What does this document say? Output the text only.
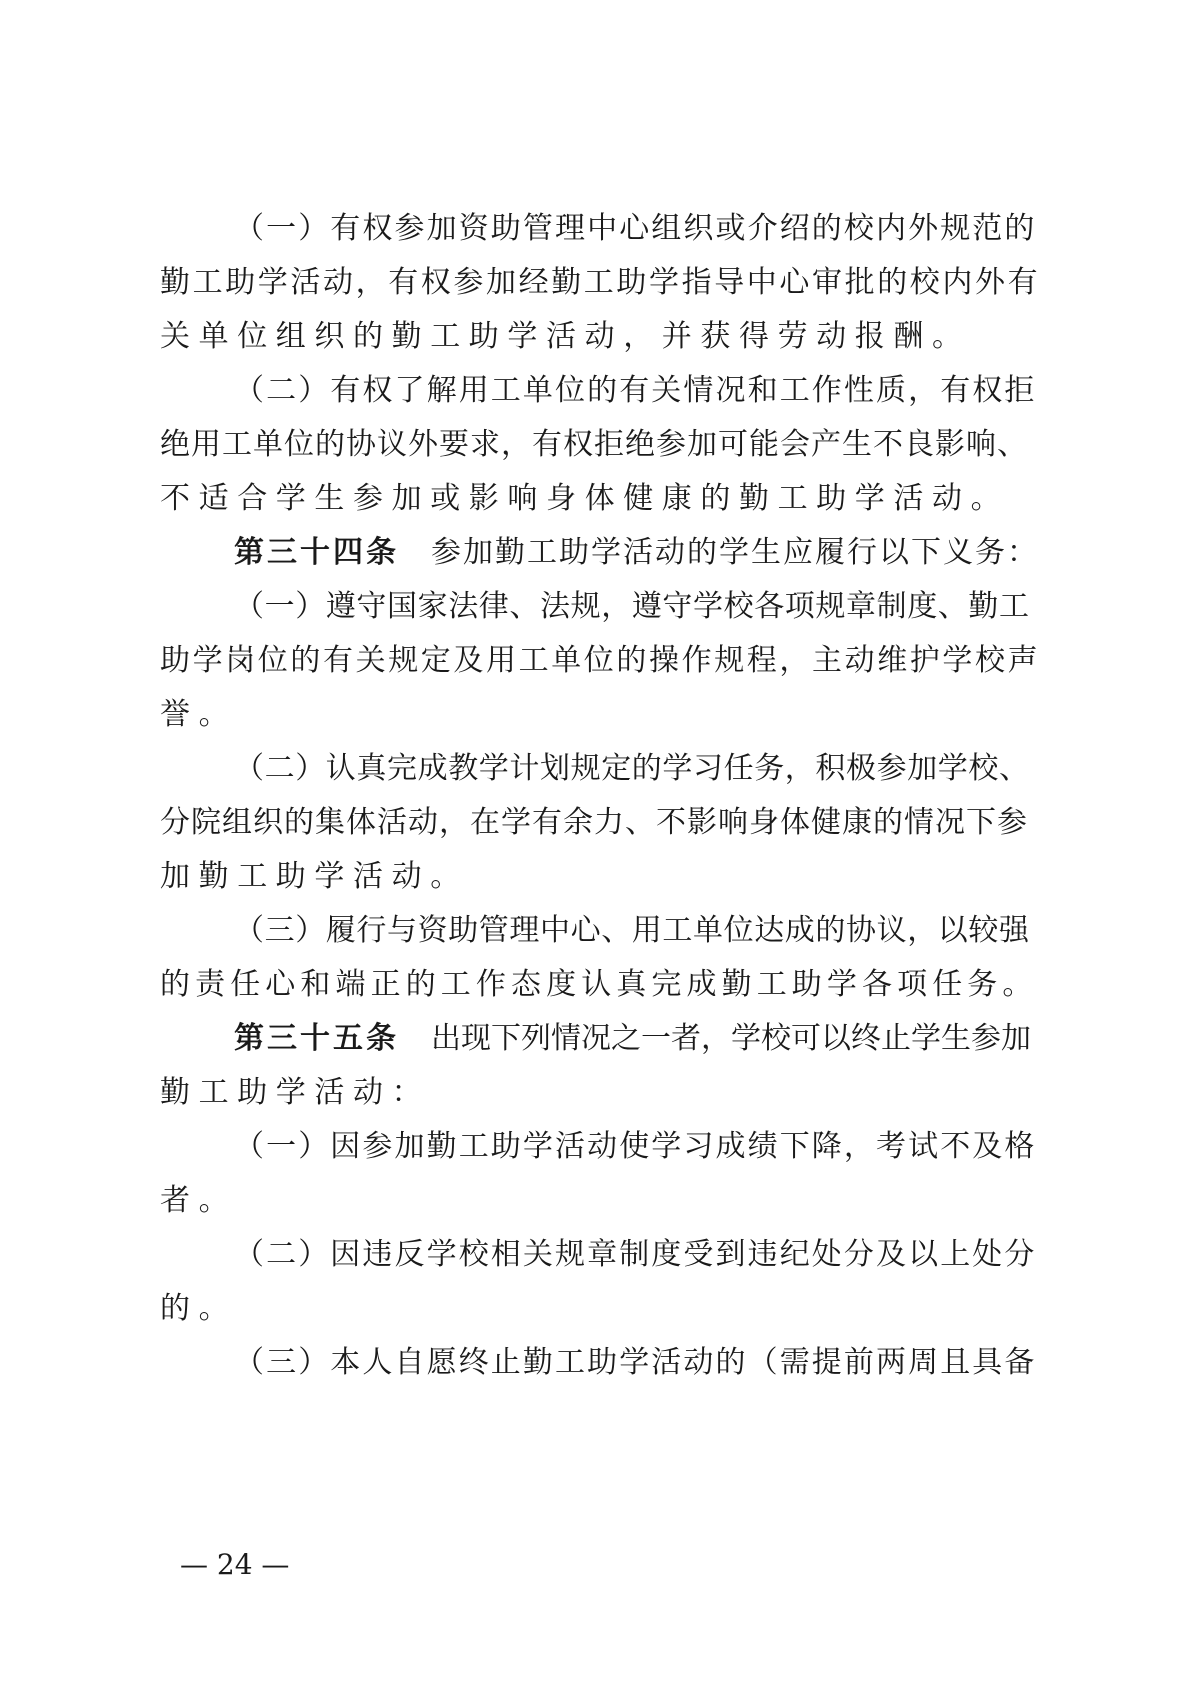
（一）有权参加资助管理中心组织或介绍的校内外规范的
勤工助学活动，有权参加经勤工助学指导中心审批的校内外有
关单位组织的勤工助学活动，并获得劳动报酬。
（二）有权了解用工单位的有关情况和工作性质，有权拒
绝用工单位的协议外要求，有权拒绝参加可能会产生不良影响、
不适合学生参加或影响身体健康的勤工助学活动。
第三十四条 参加勤工助学活动的学生应履行以下义务：
（一）遵守国家法律、法规，遵守学校各项规章制度、勤工
助学岗位的有关规定及用工单位的操作规程，主动维护学校声
誉。
（二）认真完成教学计划规定的学习任务，积极参加学校、
分院组织的集体活动，在学有余力、不影响身体健康的情况下参
加勤工助学活动。
（三）履行与资助管理中心、用工单位达成的协议，以较强
的责任心和端正的工作态度认真完成勤工助学各项任务。
第三十五条 出现下列情况之一者，学校可以终止学生参加
勤工助学活动：
（一）因参加勤工助学活动使学习成绩下降，考试不及格
者。
（二）因违反学校相关规章制度受到违纪处分及以上处分
的。
（三）本人自愿终止勤工助学活动的（需提前两周且具备
— 24 —
